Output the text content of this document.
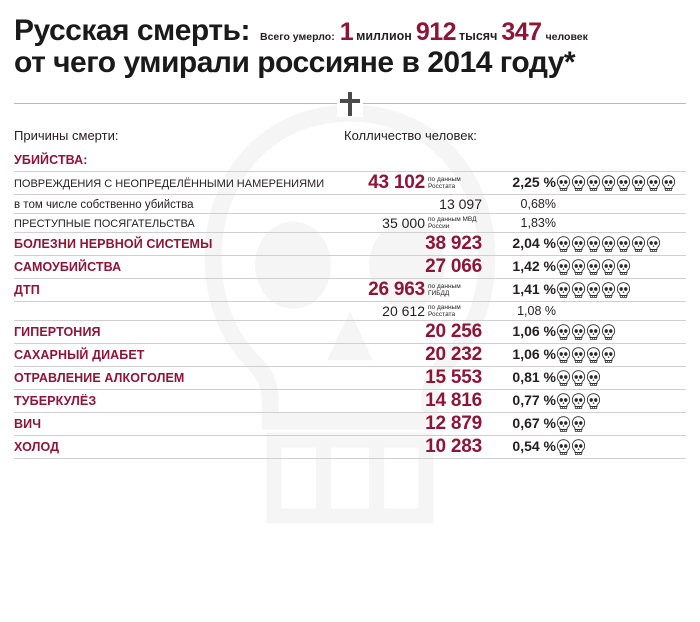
Русская смерть: Всего умерло: 1 миллион 912 тысяч 347 человек
от чего умирали россияне в 2014 году*
Причины смерти:	Колличество человек:
УБИЙСТВА:
ПОВРЕЖДЕНИЯ С НЕОПРЕДЕЛЁННЫМИ НАМЕРЕНИЯМИ	43 102 по данным Росстата	2,25 %	
в том числе собственно убийства	13 097	0,68%	
ПРЕСТУПНЫЕ ПОСЯГАТЕЛЬСТВА	35 000 по данным МВД России	1,83%	
БОЛЕЗНИ НЕРВНОЙ СИСТЕМЫ	38 923	2,04 %	
САМОУБИЙСТВА	27 066	1,42 %	
ДТП	26 963 по данным ГИБДД	1,41 %	

	20 612 по данным Росстата	1,08 %	
ГИПЕРТОНИЯ	20 256	1,06 %	
САХАРНЫЙ ДИАБЕТ	20 232	1,06 %	
ОТРАВЛЕНИЕ АЛКОГОЛЕМ	15 553	0,81 %	
ТУБЕРКУЛЁЗ	14 816	0,77 %	
ВИЧ	12 879	0,67 %	
ХОЛОД	10 283	0,54 %	
